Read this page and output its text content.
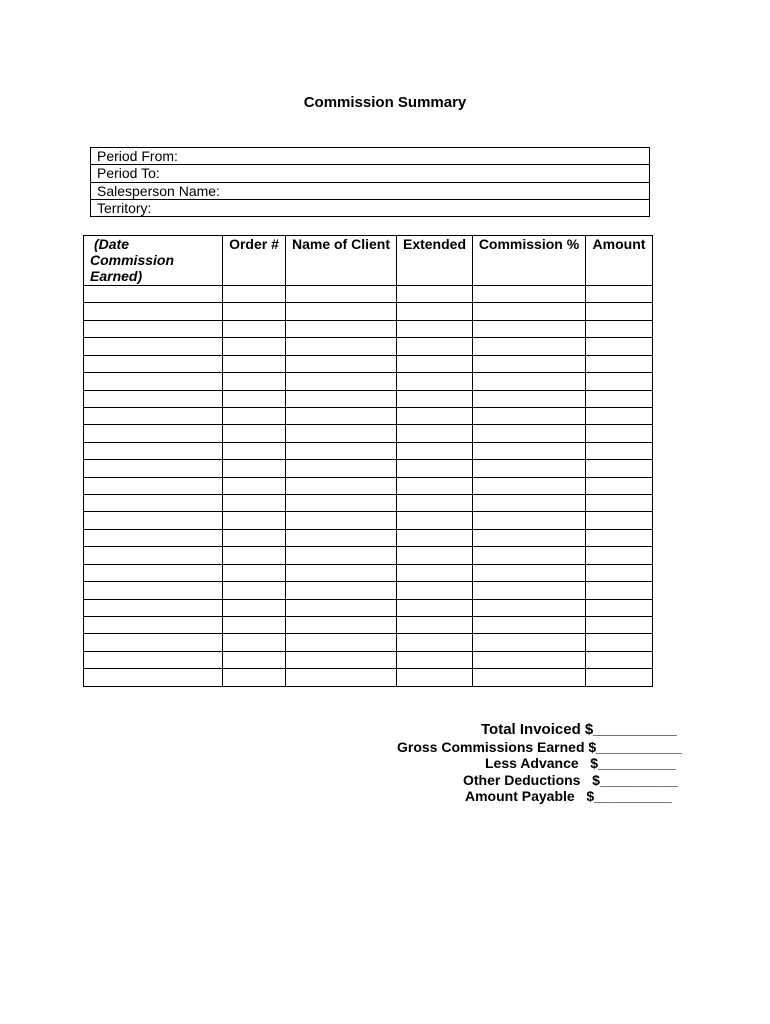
Commission Summary
Period From:
Period To:
Salesperson Name:
Territory:
(Date
Commission
Earned)
Order # Name of Client Extended Commission % Amount
Total Invoiced $__________
Gross Commissions Earned $___________
Less Advance   $__________
Other Deductions   $__________
Amount Payable   $__________
